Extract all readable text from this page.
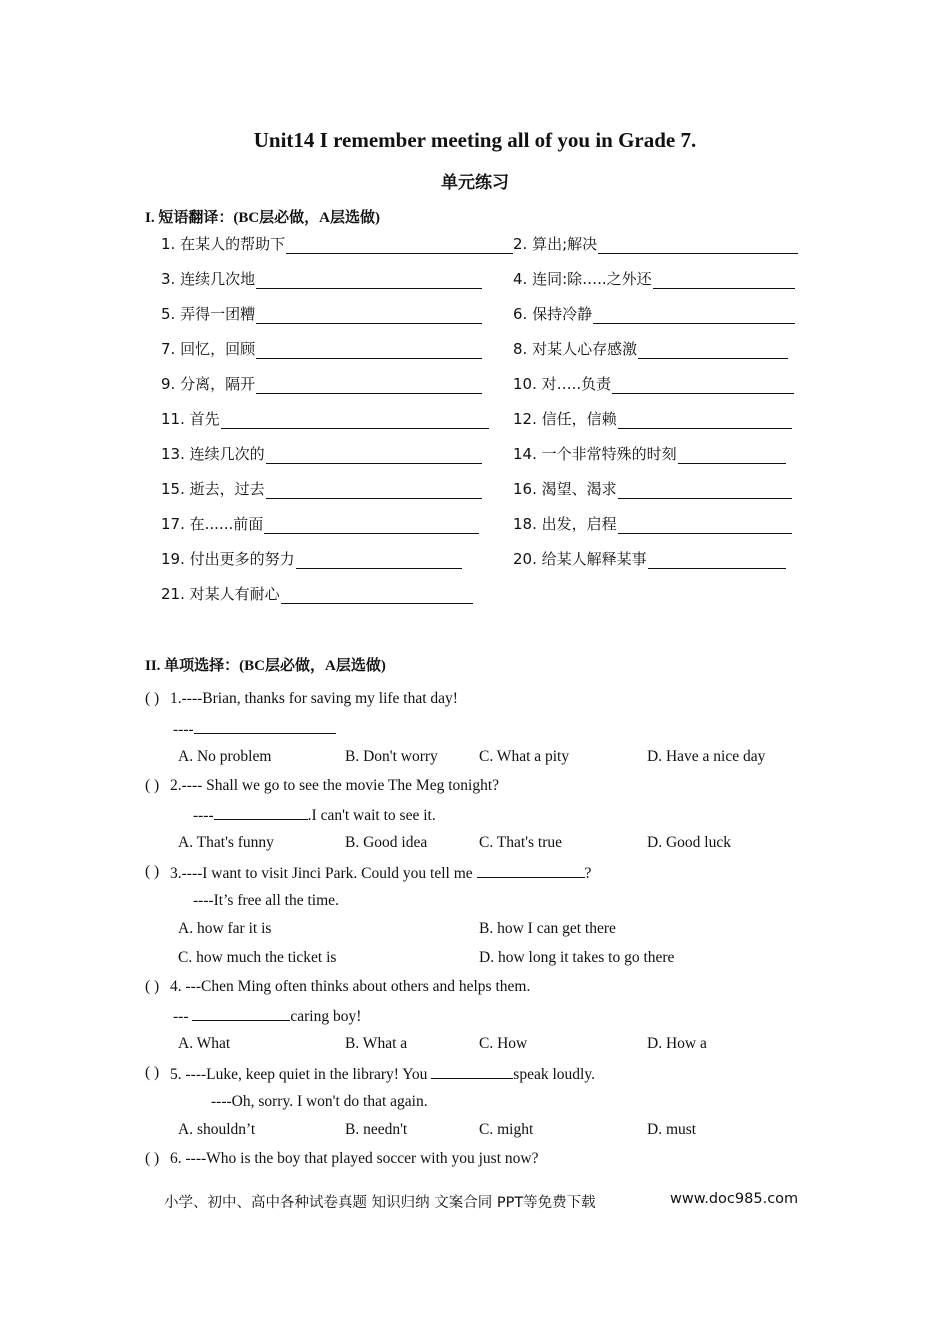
Unit14 I remember meeting all of you in Grade 7.
单元练习
I. 短语翻译：(BC层必做，A层选做)
1. 在某人的帮助下	2. 算出;解决
3. 连续几次地	4. 连同:除…..之外还
5. 弄得一团糟	6. 保持冷静
7. 回忆，回顾	8. 对某人心存感激
9. 分离，隔开	10. 对…..负责
11. 首先	12. 信任，信赖
13. 连续几次的	14. 一个非常特殊的时刻
15. 逝去，过去	16. 渴望、渴求
17. 在......前面	18. 出发，启程
19. 付出更多的努力	20. 给某人解释某事
21. 对某人有耐心
II. 单项选择：(BC层必做，A层选做)
( ) 1.----Brian, thanks for saving my life that day!
----
A. No problem	B. Don't worry	C. What a pity	D. Have a nice day
( ) 2.---- Shall we go to see the movie The Meg tonight?
----	.I can't wait to see it.
A. That's funny	B. Good idea	C. That's true	D. Good luck
( ) 3.----I want to visit Jinci Park. Could you tell me	?
----It’s free all the time.
A. how far it is	B. how I can get there
C. how much the ticket is	D. how long it takes to go there
( ) 4. ---Chen Ming often thinks about others and helps them.
---	caring boy!
A. What	B. What a	C. How	D. How a
( ) 5. ----Luke, keep quiet in the library! You	speak loudly.
----Oh, sorry. I won't do that again.
A. shouldn’t	B. needn't	C. might	D. must
( ) 6. ----Who is the boy that played soccer with you just now?
小学、初中、高中各种试卷真题 知识归纳 文案合同 PPT等免费下载	www.doc985.com
